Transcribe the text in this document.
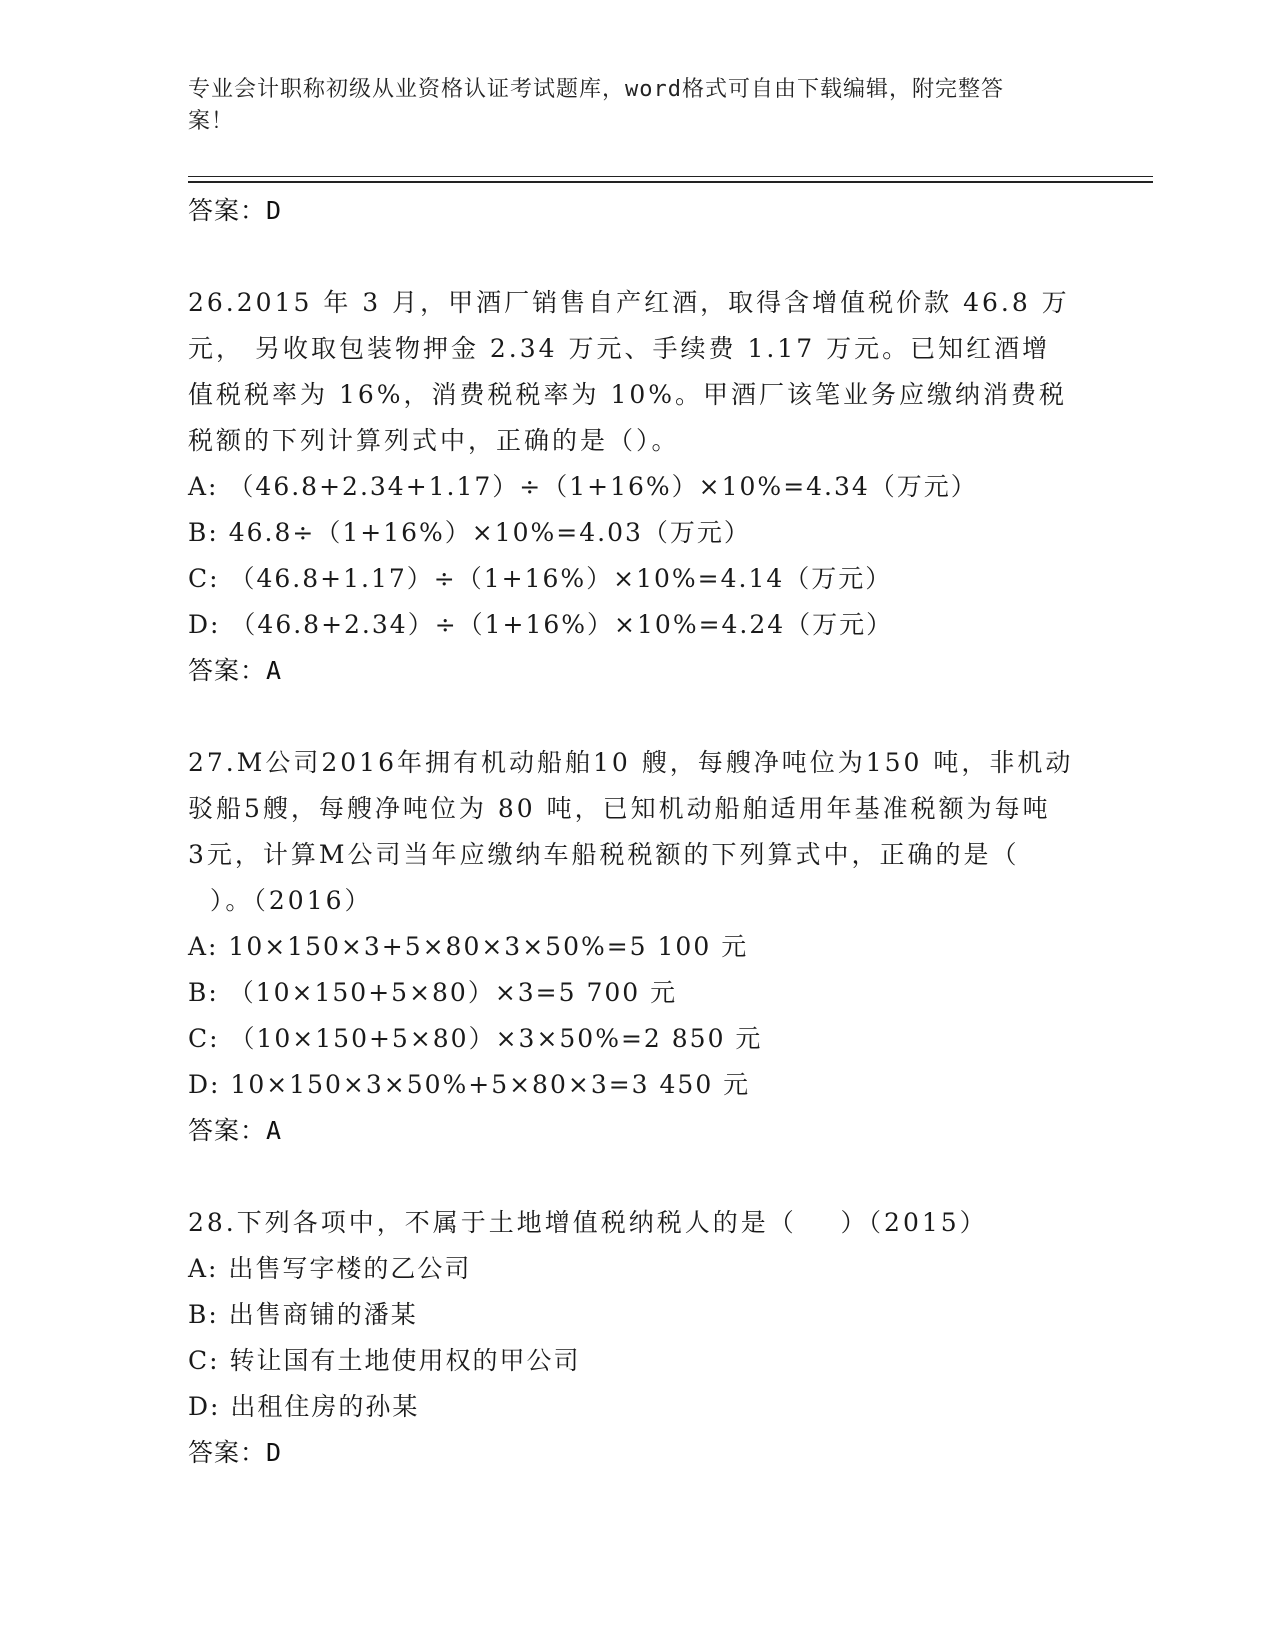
专业会计职称初级从业资格认证考试题库，word格式可自由下载编辑，附完整答
案！
答案：D
26.2015 年 3 月，甲酒厂销售自产红酒，取得含增值税价款 46.8 万
元， 另收取包装物押金 2.34 万元、手续费 1.17 万元。已知红酒增
值税税率为 16%，消费税税率为 10%。甲酒厂该笔业务应缴纳消费税
税额的下列计算列式中，正确的是（）。
A: （46.8+2.34+1.17）÷（1+16%）×10%=4.34（万元）
B: 46.8÷（1+16%）×10%=4.03（万元）
C: （46.8+1.17）÷（1+16%）×10%=4.14（万元）
D: （46.8+2.34）÷（1+16%）×10%=4.24（万元）
答案：A
27.M公司2016年拥有机动船舶10 艘，每艘净吨位为150 吨，非机动
驳船5艘，每艘净吨位为 80 吨，已知机动船舶适用年基准税额为每吨
3元，计算M公司当年应缴纳车船税税额的下列算式中，正确的是（
）。（2016）
A: 10×150×3+5×80×3×50%=5 100 元
B: （10×150+5×80）×3=5 700 元
C: （10×150+5×80）×3×50%=2 850 元
D: 10×150×3×50%+5×80×3=3 450 元
答案：A
28.下列各项中，不属于土地增值税纳税人的是（    ）（2015）
A: 出售写字楼的乙公司
B: 出售商铺的潘某
C: 转让国有土地使用权的甲公司
D: 出租住房的孙某
答案：D
